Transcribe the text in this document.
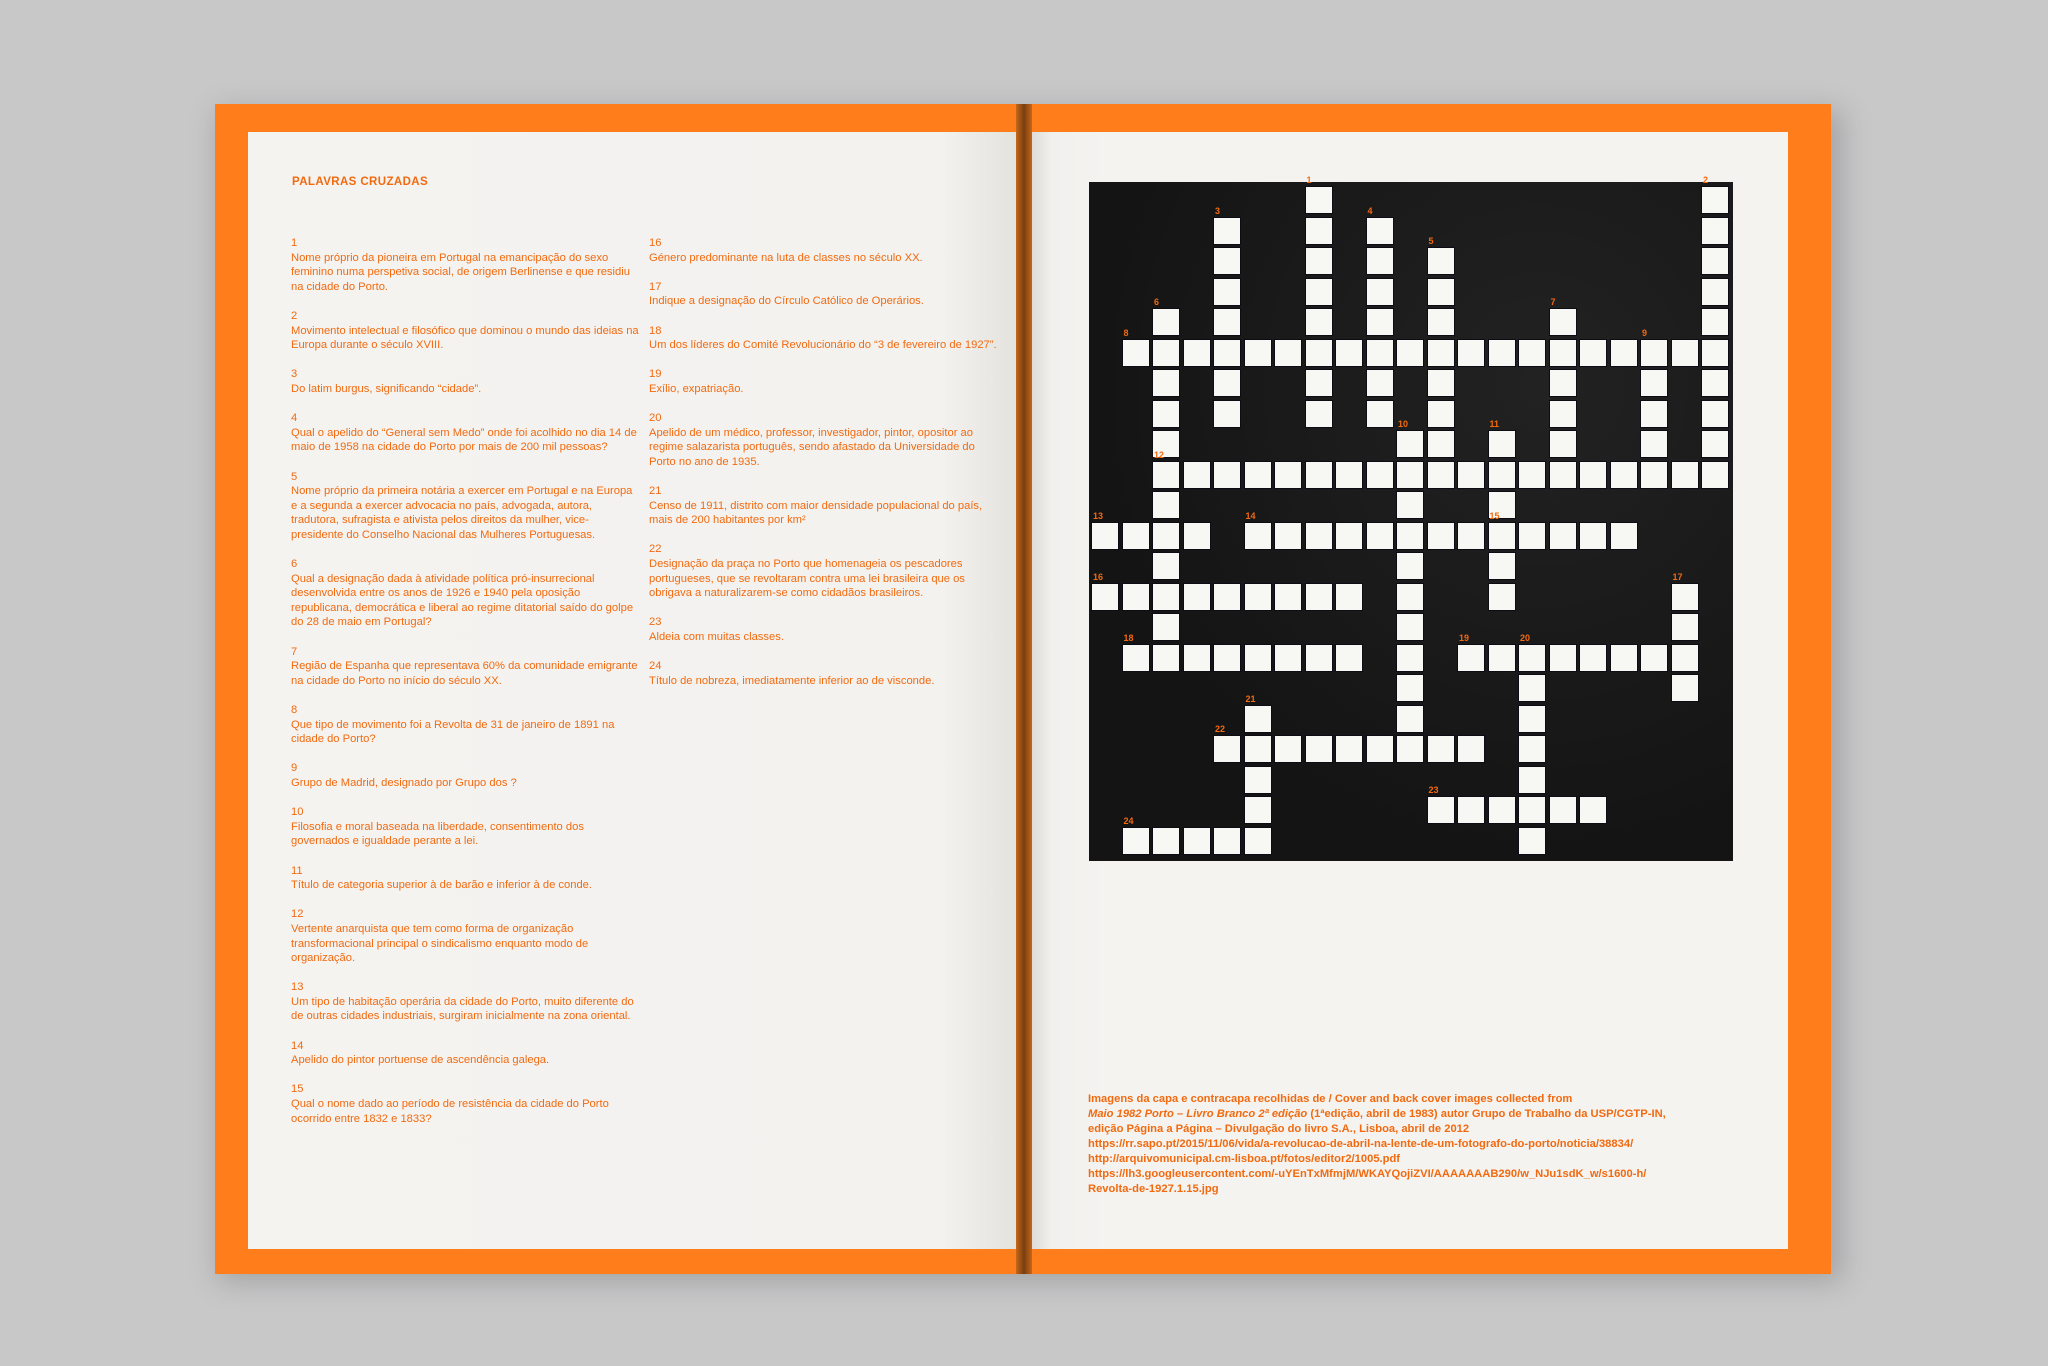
PALAVRAS CRUZADAS
1
Nome próprio da pioneira em Portugal na emancipação do sexo feminino numa perspetiva social, de origem Berlinense e que residiu na cidade do Porto.
2
Movimento intelectual e filosófico que dominou o mundo das ideias na Europa durante o século XVIII.
3
Do latim burgus, significando “cidade”.
4
Qual o apelido do “General sem Medo” onde foi acolhido no dia 14 de maio de 1958 na cidade do Porto por mais de 200 mil pessoas?
5
Nome próprio da primeira notária a exercer em Portugal e na Europa e a segunda a exercer advocacia no país, advogada, autora, tradutora, sufragista e ativista pelos direitos da mulher, vice-presidente do Conselho Nacional das Mulheres Portuguesas.
6
Qual a designação dada à atividade política pró-insurrecional desenvolvida entre os anos de 1926 e 1940 pela oposição republicana, democrática e liberal ao regime ditatorial saído do golpe do 28 de maio em Portugal?
7
Região de Espanha que representava 60% da comunidade emigrante na cidade do Porto no início do século XX.
8
Que tipo de movimento foi a Revolta de 31 de janeiro de 1891 na cidade do Porto?
9
Grupo de Madrid, designado por Grupo dos ?
10
Filosofia e moral baseada na liberdade, consentimento dos governados e igualdade perante a lei.
11
Título de categoria superior à de barão e inferior à de conde.
12
Vertente anarquista que tem como forma de organização transformacional principal o sindicalismo enquanto modo de organização.
13
Um tipo de habitação operária da cidade do Porto, muito diferente do de outras cidades industriais, surgiram inicialmente na zona oriental.
14
Apelido do pintor portuense de ascendência galega.
15
Qual o nome dado ao período de resistência da cidade do Porto ocorrido entre 1832 e 1833?
16
Género predominante na luta de classes no século XX.
17
Indique a designação do Círculo Católico de Operários.
18
Um dos líderes do Comité Revolucionário do “3 de fevereiro de 1927”.
19
Exílio, expatriação.
20
Apelido de um médico, professor, investigador, pintor, opositor ao regime salazarista português, sendo afastado da Universidade do Porto no ano de 1935.
21
Censo de 1911, distrito com maior densidade populacional do país, mais de 200 habitantes por km²
22
Designação da praça no Porto que homenageia os pescadores portugueses, que se revoltaram contra uma lei brasileira que os obrigava a naturalizarem-se como cidadãos brasileiros.
23
Aldeia com muitas classes.
24
Título de nobreza, imediatamente inferior ao de visconde.
1	2
3	4
5
6	7
8	9
10	11
12
13	14	15
16	17
18	19	20
21
22
23
24
Imagens da capa e contracapa recolhidas de / Cover and back cover images collected from
Maio 1982 Porto – Livro Branco 2ª edição (1ªedição, abril de 1983) autor Grupo de Trabalho da USP/CGTP-IN,
edição Página a Página – Divulgação do livro S.A., Lisboa, abril de 2012
https://rr.sapo.pt/2015/11/06/vida/a-revolucao-de-abril-na-lente-de-um-fotografo-do-porto/noticia/38834/
http://arquivomunicipal.cm-lisboa.pt/fotos/editor2/1005.pdf
https://lh3.googleusercontent.com/-uYEnTxMfmjM/WKAYQojiZVI/AAAAAAAB290/w_NJu1sdK_w/s1600-h/
Revolta-de-1927.1.15.jpg
